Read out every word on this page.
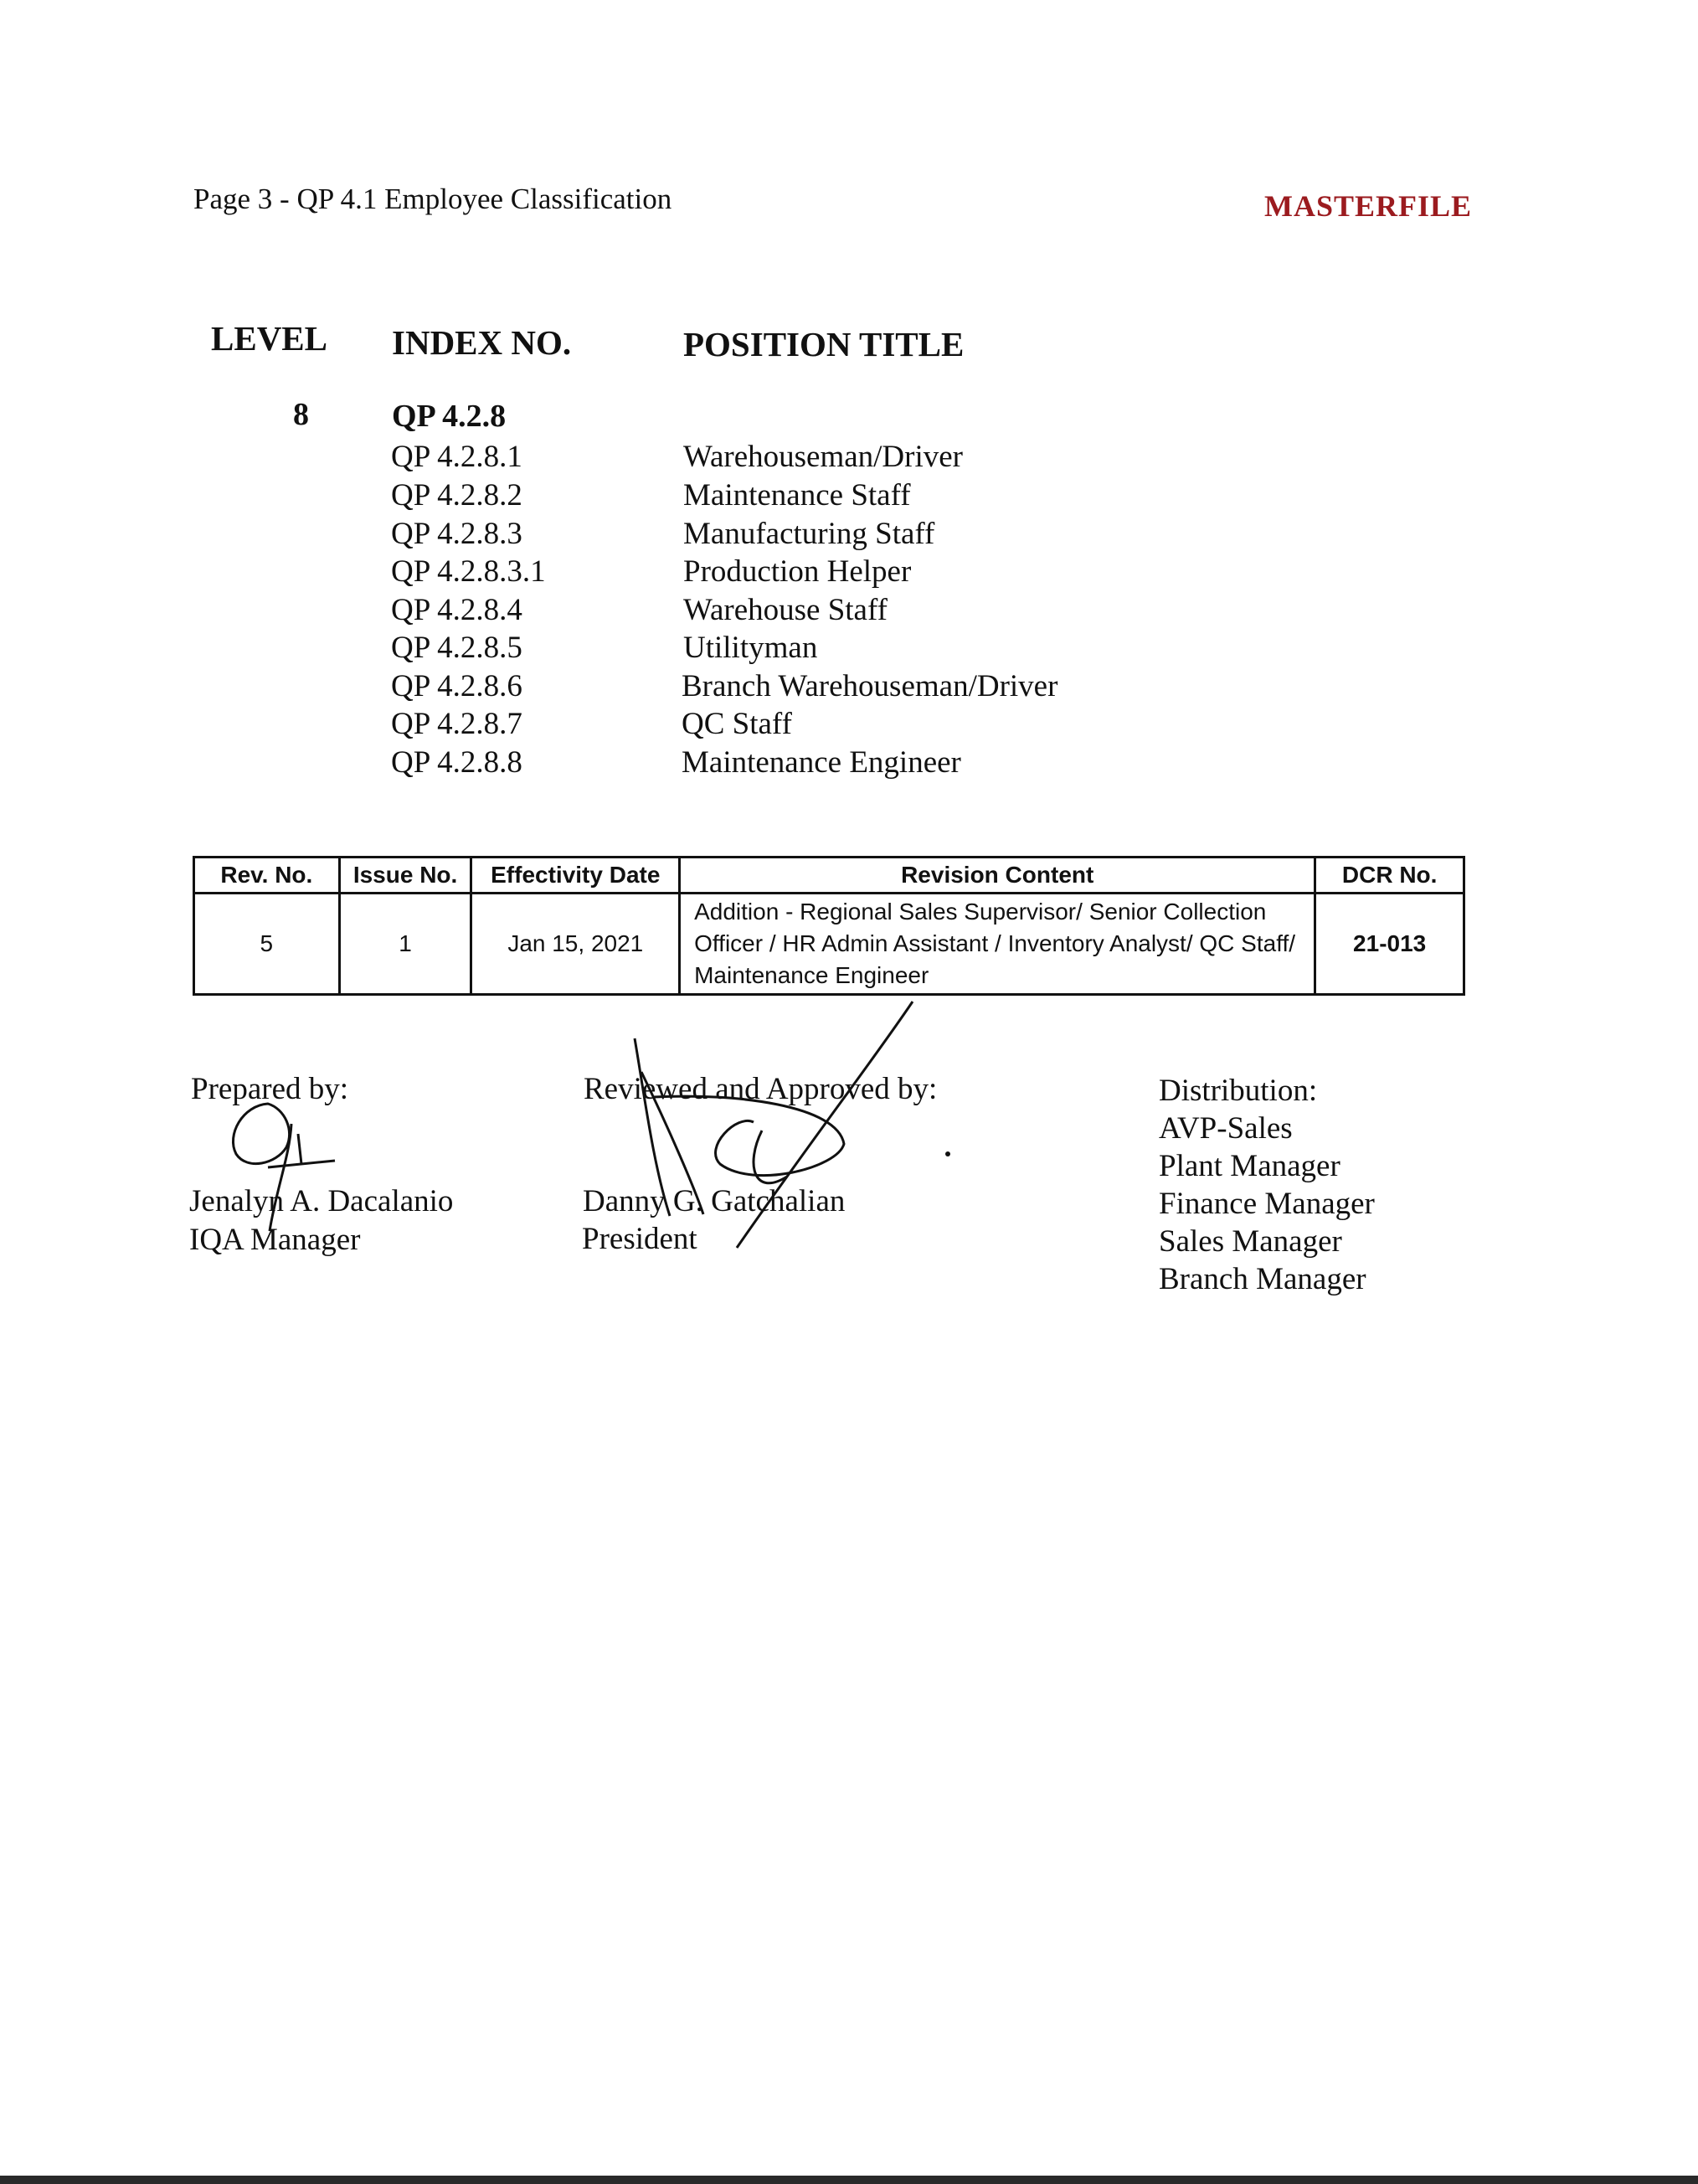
Page 3 - QP 4.1 Employee Classification	MASTERFILE
LEVEL INDEX NO.	POSITION TITLE
8	QP 4.2.8
QP 4.2.8.1	Warehouseman/Driver
QP 4.2.8.2	Maintenance Staff
QP 4.2.8.3	Manufacturing Staff
QP 4.2.8.3.1	Production Helper
QP 4.2.8.4	Warehouse Staff
QP 4.2.8.5	Utilityman
QP 4.2.8.6	Branch Warehouseman/Driver
QP 4.2.8.7	QC Staff
QP 4.2.8.8	Maintenance Engineer
Rev. No.	Issue No.	Effectivity Date	Revision Content	DCR No.
5	1	Jan 15, 2021	Addition - Regional Sales Supervisor/ Senior Collection Officer / HR Admin Assistant / Inventory Analyst/ QC Staff/ Maintenance Engineer	21-013
Prepared by:
Jenalyn A. Dacalanio
IQA Manager
Reviewed and Approved by:
Danny G. Gatchalian
President
Distribution:
AVP-Sales
Plant Manager
Finance Manager
Sales Manager
Branch Manager
